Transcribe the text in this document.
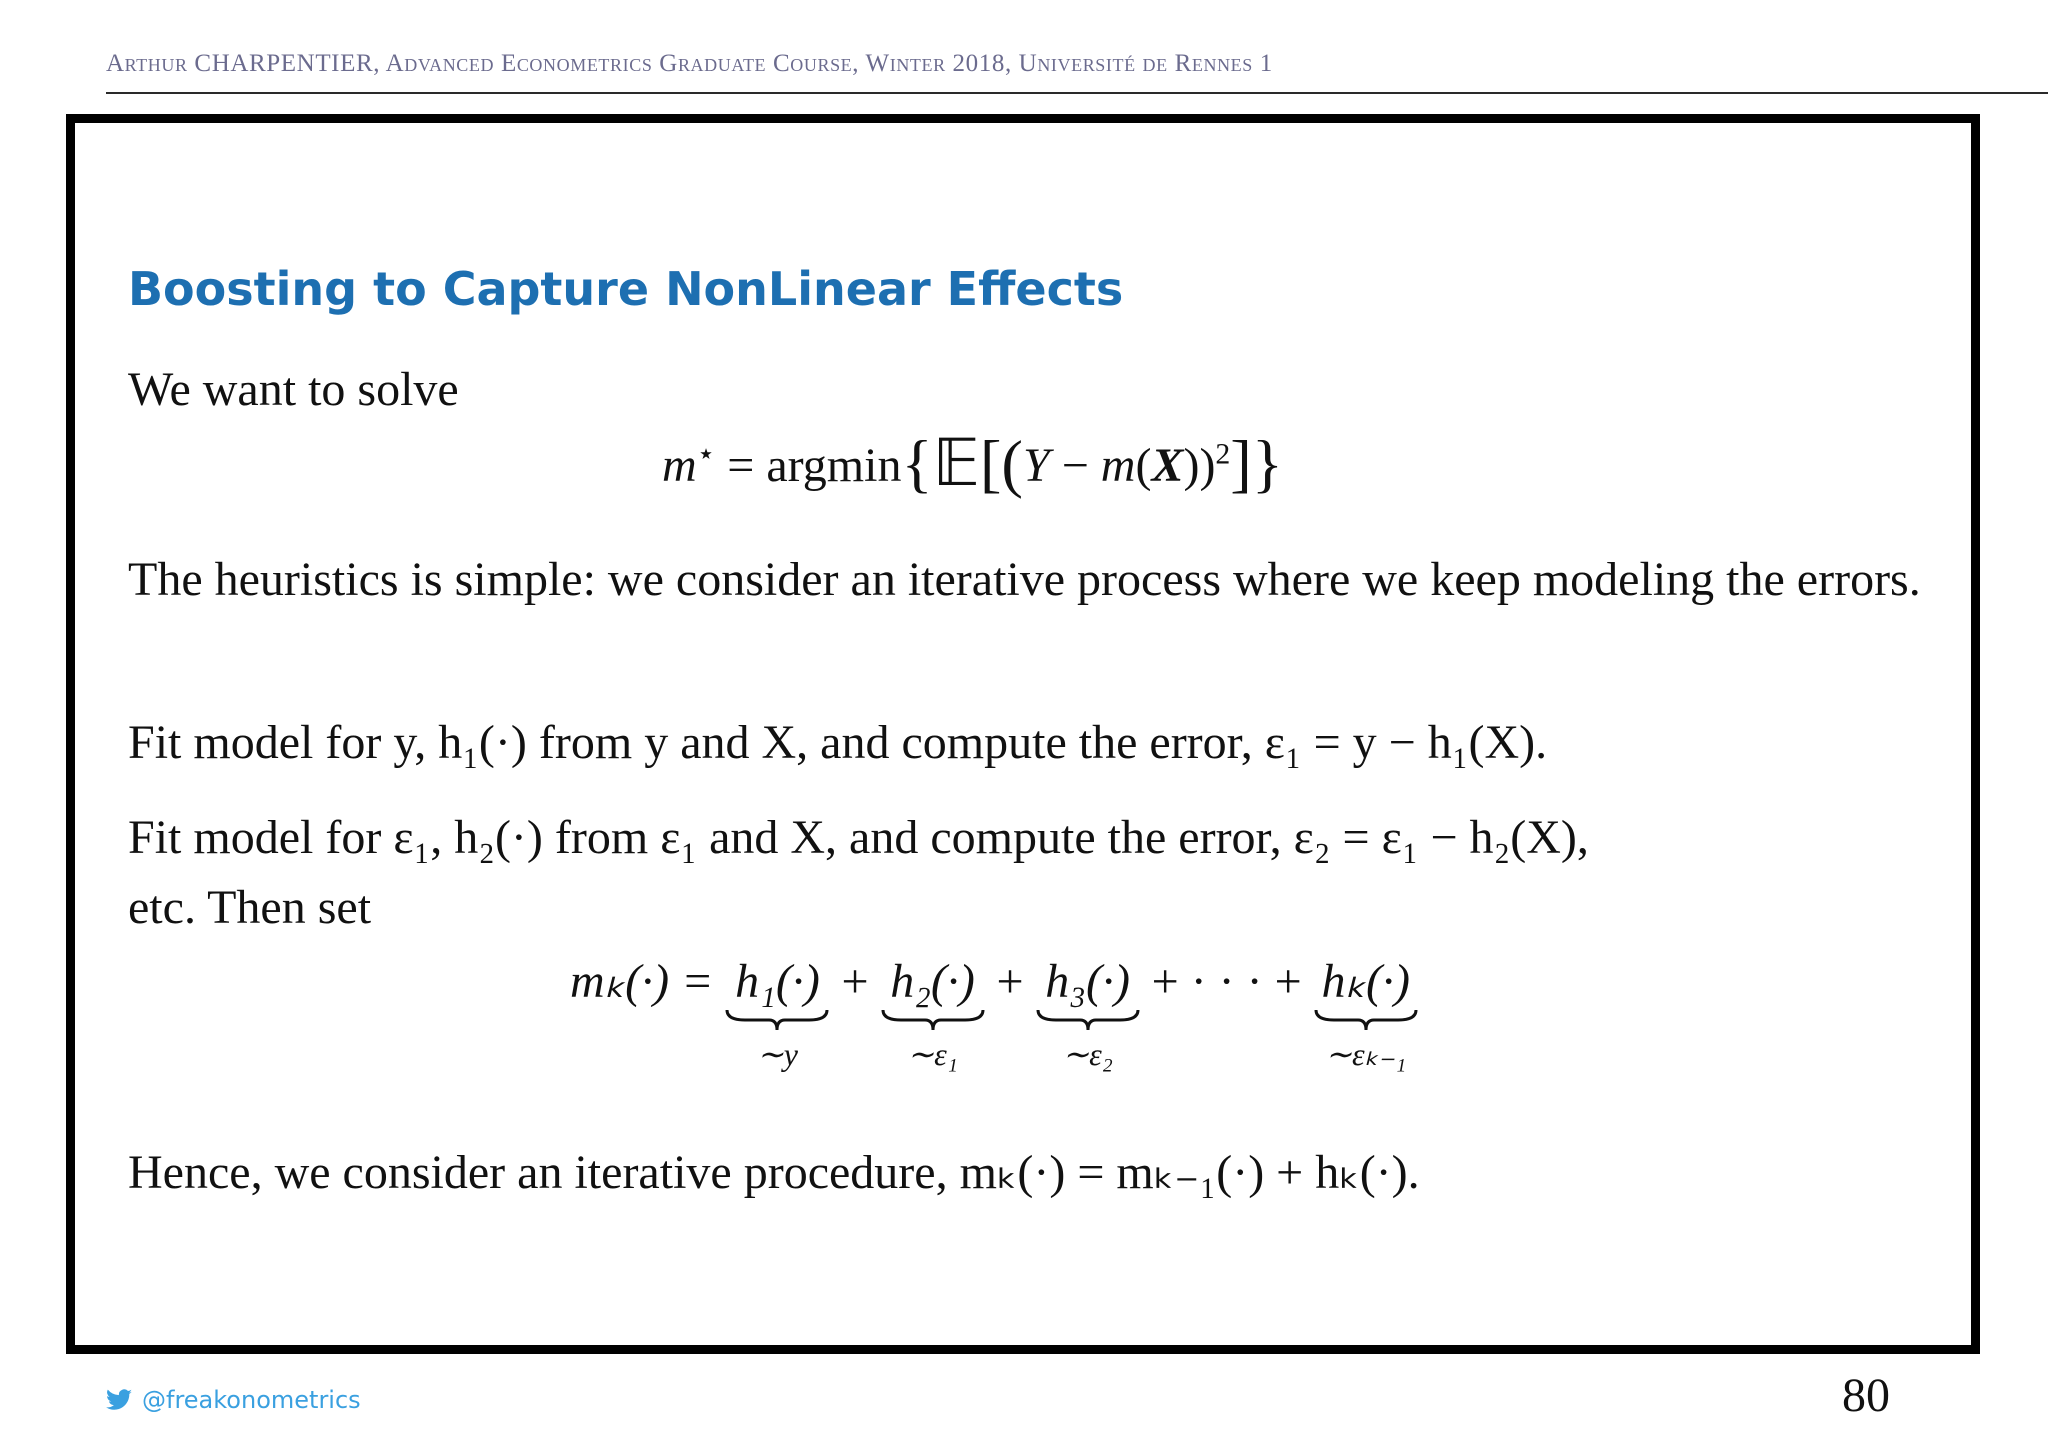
Arthur CHARPENTIER, Advanced Econometrics Graduate Course, Winter 2018, Université de Rennes 1
Boosting to Capture NonLinear Effects
We want to solve
m⋆ = argmin{𝔼[(Y − m(X))$^2$]}
The heuristics is simple: we consider an iterative process where we keep modeling the errors.
Fit model for y, h₁(·) from y and X, and compute the error, ε₁ = y − h₁(X).
Fit model for ε₁, h₂(·) from ε₁ and X, and compute the error, ε₂ = ε₁ − h₂(X),
etc. Then set
mₖ(·) = h₁(·)
∼y
+ h₂(·)
∼ε₁
+ h₃(·)
∼ε₂
+ · · · + hₖ(·)
∼εₖ₋₁
Hence, we consider an iterative procedure, mₖ(·) = mₖ₋₁(·) + hₖ(·).
@freakonometrics	80
